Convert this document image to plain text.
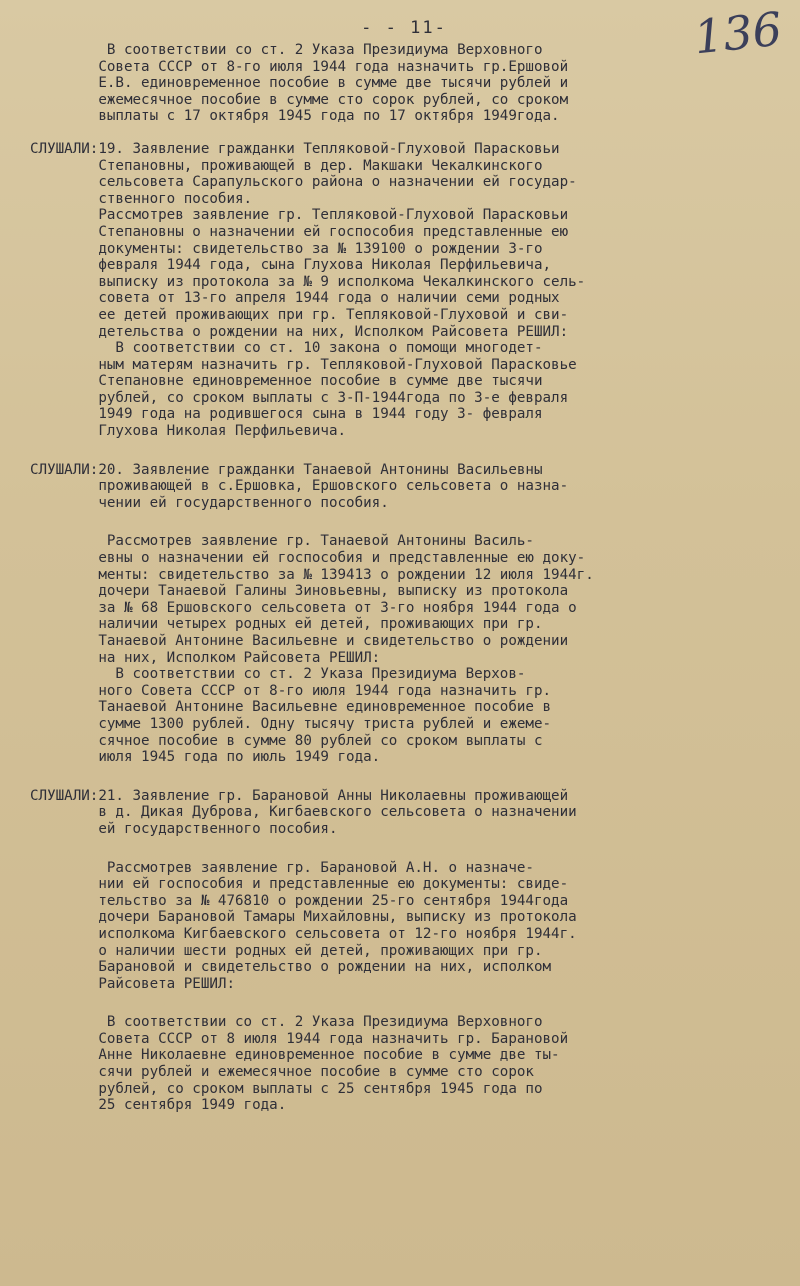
- - 11-	136

В соответствии со ст. 2 Указа Президиума Верховного
Совета СССР от 8-го июля 1944 года назначить гр.Ершовой
Е.В. единовременное пособие в сумме две тысячи рублей и
ежемесячное пособие в сумме сто сорок рублей, со сроком
выплаты с 17 октября 1945 года по 17 октября 1949года.

СЛУШАЛИ:19. Заявление гражданки Тепляковой-Глуховой Парасковьи
Степановны, проживающей в дер. Макшаки Чекалкинского
сельсовета Сарапульского района о назначении ей государ-
ственного пособия.
Рассмотрев заявление гр. Тепляковой-Глуховой Парасковьи
Степановны о назначении ей госпособия представленные ею
документы: свидетельство за № 139100 о рождении 3-го
февраля 1944 года, сына Глухова Николая Перфильевича,
выписку из протокола за № 9 исполкома Чекалкинского сель-
совета от 13-го апреля 1944 года о наличии семи родных
ее детей проживающих при гр. Тепляковой-Глуховой и сви-
детельства о рождении на них, Исполком Райсовета РЕШИЛ:
В соответствии со ст. 10 закона о помощи многодет-
ным матерям назначить гр. Тепляковой-Глуховой Парасковье
Степановне единовременное пособие в сумме две тысячи
рублей, со сроком выплаты с 3-П-1944года по 3-е февраля
1949 года на родившегося сына в 1944 году 3- февраля
Глухова Николая Перфильевича.

СЛУШАЛИ:20. Заявление гражданки Танаевой Антонины Васильевны
проживающей в с.Ершовка, Ершовского сельсовета о назна-
чении ей государственного пособия.

Рассмотрев заявление гр. Танаевой Антонины Василь-
евны о назначении ей госпособия и представленные ею доку-
менты: свидетельство за № 139413 о рождении 12 июля 1944г.
дочери Танаевой Галины Зиновьевны, выписку из протокола
за № 68 Ершовского сельсовета от 3-го ноября 1944 года о
наличии четырех родных ей детей, проживающих при гр.
Танаевой Антонине Васильевне и свидетельство о рождении
на них, Исполком Райсовета РЕШИЛ:
В соответствии со ст. 2 Указа Президиума Верхов-
ного Совета СССР от 8-го июля 1944 года назначить гр.
Танаевой Антонине Васильевне единовременное пособие в
сумме 1300 рублей. Одну тысячу триста рублей и ежеме-
сячное пособие в сумме 80 рублей со сроком выплаты с
июля 1945 года по июль 1949 года.

СЛУШАЛИ:21. Заявление гр. Барановой Анны Николаевны проживающей
в д. Дикая Дуброва, Кигбаевского сельсовета о назначении
ей государственного пособия.

Рассмотрев заявление гр. Барановой А.Н. о назначе-
нии ей госпособия и представленные ею документы: свиде-
тельство за № 476810 о рождении 25-го сентября 1944года
дочери Барановой Тамары Михайловны, выписку из протокола
исполкома Кигбаевского сельсовета от 12-го ноября 1944г.
о наличии шести родных ей детей, проживающих при гр.
Барановой и свидетельство о рождении на них, исполком
Райсовета РЕШИЛ:

В соответствии со ст. 2 Указа Президиума Верховного
Совета СССР от 8 июля 1944 года назначить гр. Барановой
Анне Николаевне единовременное пособие в сумме две ты-
сячи рублей и ежемесячное пособие в сумме сто сорок
рублей, со сроком выплаты с 25 сентября 1945 года по
25 сентября 1949 года.
